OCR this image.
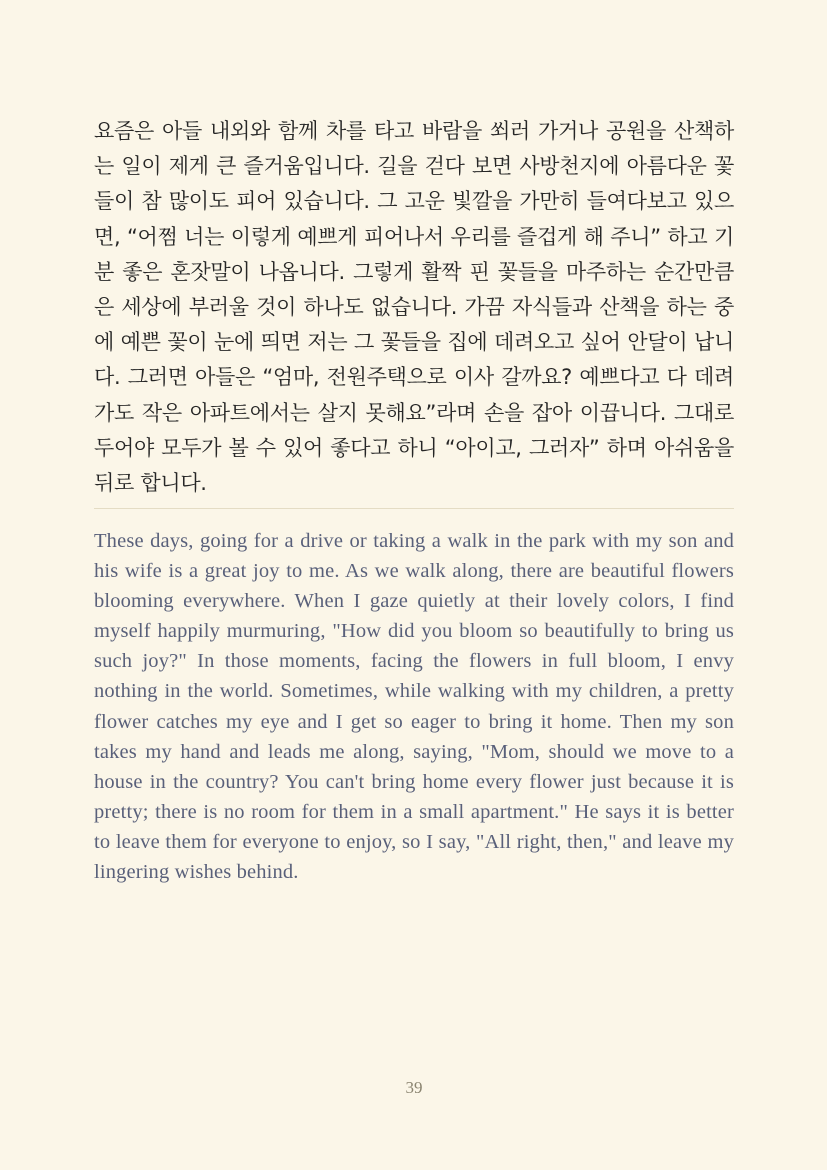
요즘은 아들 내외와 함께 차를 타고 바람을 쐬러 가거나 공원을 산책하는 일이 제게 큰 즐거움입니다. 길을 걷다 보면 사방천지에 아름다운 꽃들이 참 많이도 피어 있습니다. 그 고운 빛깔을 가만히 들여다보고 있으면, “어쩜 너는 이렇게 예쁘게 피어나서 우리를 즐겁게 해 주니” 하고 기분 좋은 혼잣말이 나옵니다. 그렇게 활짝 핀 꽃들을 마주하는 순간만큼은 세상에 부러울 것이 하나도 없습니다. 가끔 자식들과 산책을 하는 중에 예쁜 꽃이 눈에 띄면 저는 그 꽃들을 집에 데려오고 싶어 안달이 납니다. 그러면 아들은 “엄마, 전원주택으로 이사 갈까요? 예쁘다고 다 데려가도 작은 아파트에서는 살지 못해요”라며 손을 잡아 이끕니다. 그대로 두어야 모두가 볼 수 있어 좋다고 하니 “아이고, 그러자” 하며 아쉬움을 뒤로 합니다.

These days, going for a drive or taking a walk in the park with my son and his wife is a great joy to me. As we walk along, there are beautiful flowers blooming everywhere. When I gaze quietly at their lovely colors, I find myself happily murmuring, "How did you bloom so beautifully to bring us such joy?" In those moments, facing the flowers in full bloom, I envy nothing in the world. Sometimes, while walking with my children, a pretty flower catches my eye and I get so eager to bring it home. Then my son takes my hand and leads me along, saying, "Mom, should we move to a house in the country? You can't bring home every flower just because it is pretty; there is no room for them in a small apartment." He says it is better to leave them for everyone to enjoy, so I say, "All right, then," and leave my lingering wishes behind.

39
